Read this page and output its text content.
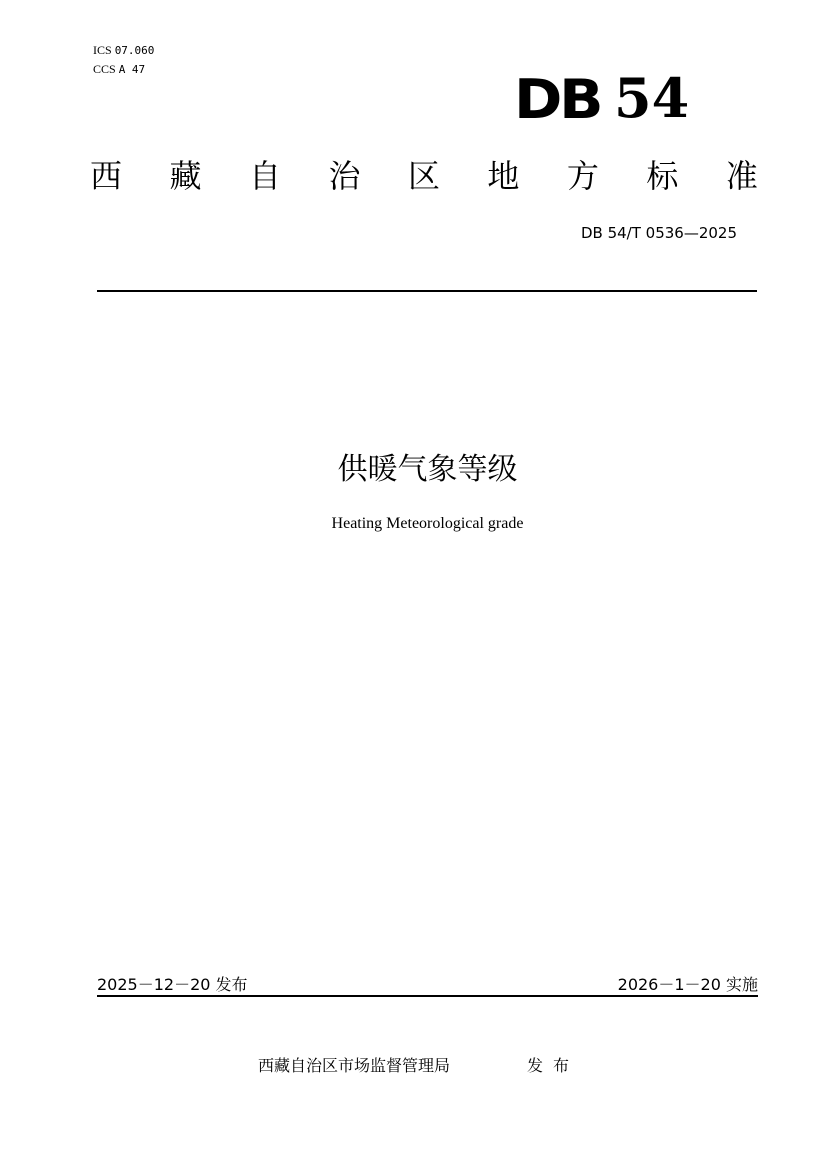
ICS 07.060
CCS A 47	DB 54
西 藏 自 治 区 地 方 标 准
DB 54/T 0536—2025
供暖气象等级
Heating Meteorological grade
2025－12－20 发布	2026－1－20 实施
西藏自治区市场监督管理局	发布
